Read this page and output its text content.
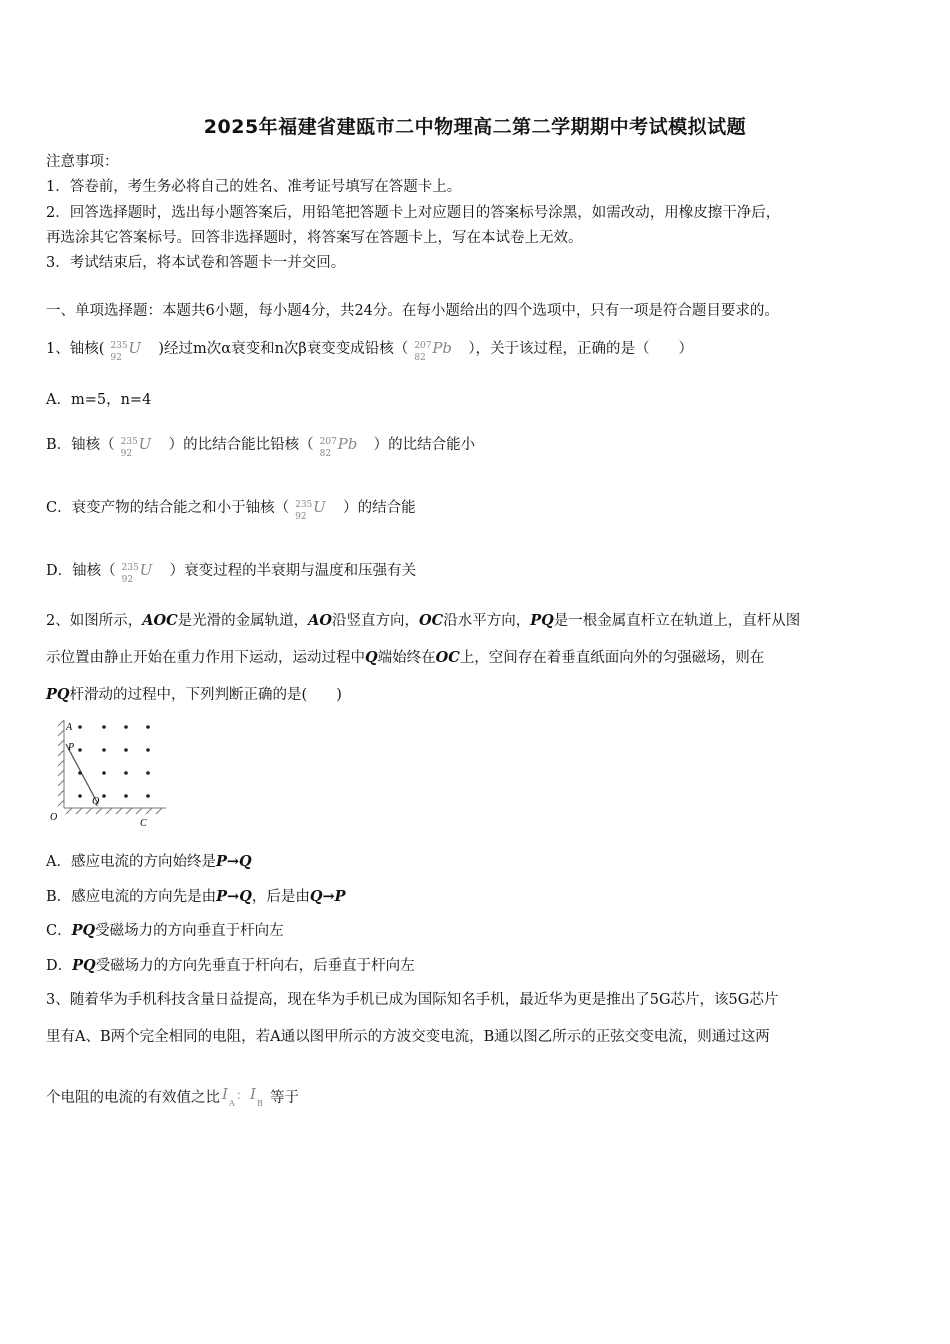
2025年福建省建瓯市二中物理高二第二学期期中考试模拟试题
注意事项：
1．答卷前，考生务必将自己的姓名、准考证号填写在答题卡上。
2．回答选择题时，选出每小题答案后，用铅笔把答题卡上对应题目的答案标号涂黑，如需改动，用橡皮擦干净后，
再选涂其它答案标号。回答非选择题时，将答案写在答题卡上，写在本试卷上无效。
3．考试结束后，将本试卷和答题卡一并交回。
一、单项选择题：本题共6小题，每小题4分，共24分。在每小题给出的四个选项中，只有一项是符合题目要求的。
1、铀核( 235
92
U )经过m次α衰变和n次β衰变变成铅核（ 207
82
Pb ），关于该过程，正确的是（　　）
A．m=5，n=4
B．铀核（ 235
92
U ）的比结合能比铅核（ 207
82
Pb ）的比结合能小
C．衰变产物的结合能之和小于铀核（ 235
92
U ）的结合能
D．铀核（ 235
92
U ）衰变过程的半衰期与温度和压强有关
2、如图所示，AOC是光滑的金属轨道，AO沿竖直方向，OC沿水平方向，PQ是一根金属直杆立在轨道上，直杆从图
示位置由静止开始在重力作用下运动，运动过程中Q端始终在OC上，空间存在着垂直纸面向外的匀强磁场，则在
PQ杆滑动的过程中，下列判断正确的是(　　)
A
P
Q
O
C
A．感应电流的方向始终是P→Q
B．感应电流的方向先是由P→Q，后是由Q→P
C．PQ受磁场力的方向垂直于杆向左
D．PQ受磁场力的方向先垂直于杆向右，后垂直于杆向左
3、随着华为手机科技含量日益提高，现在华为手机已成为国际知名手机，最近华为更是推出了5G芯片，该5G芯片
里有A、B两个完全相同的电阻，若A通以图甲所示的方波交变电流，B通以图乙所示的正弦交变电流，则通过这两
个电阻的电流的有效值之比 I
A
： I
B 等于
